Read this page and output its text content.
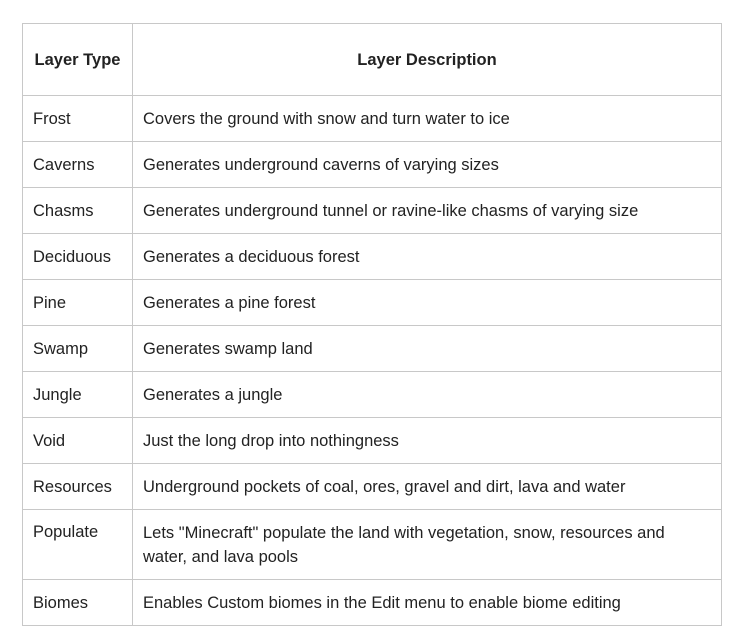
Layer Type	Layer Description
Frost	Covers the ground with snow and turn water to ice
Caverns	Generates underground caverns of varying sizes
Chasms	Generates underground tunnel or ravine-like chasms of varying size
Deciduous	Generates a deciduous forest
Pine	Generates a pine forest
Swamp	Generates swamp land
Jungle	Generates a jungle
Void	Just the long drop into nothingness
Resources	Underground pockets of coal, ores, gravel and dirt, lava and water
Populate	Lets "Minecraft" populate the land with vegetation, snow, resources and water, and lava pools
Biomes	Enables Custom biomes in the Edit menu to enable biome editing
